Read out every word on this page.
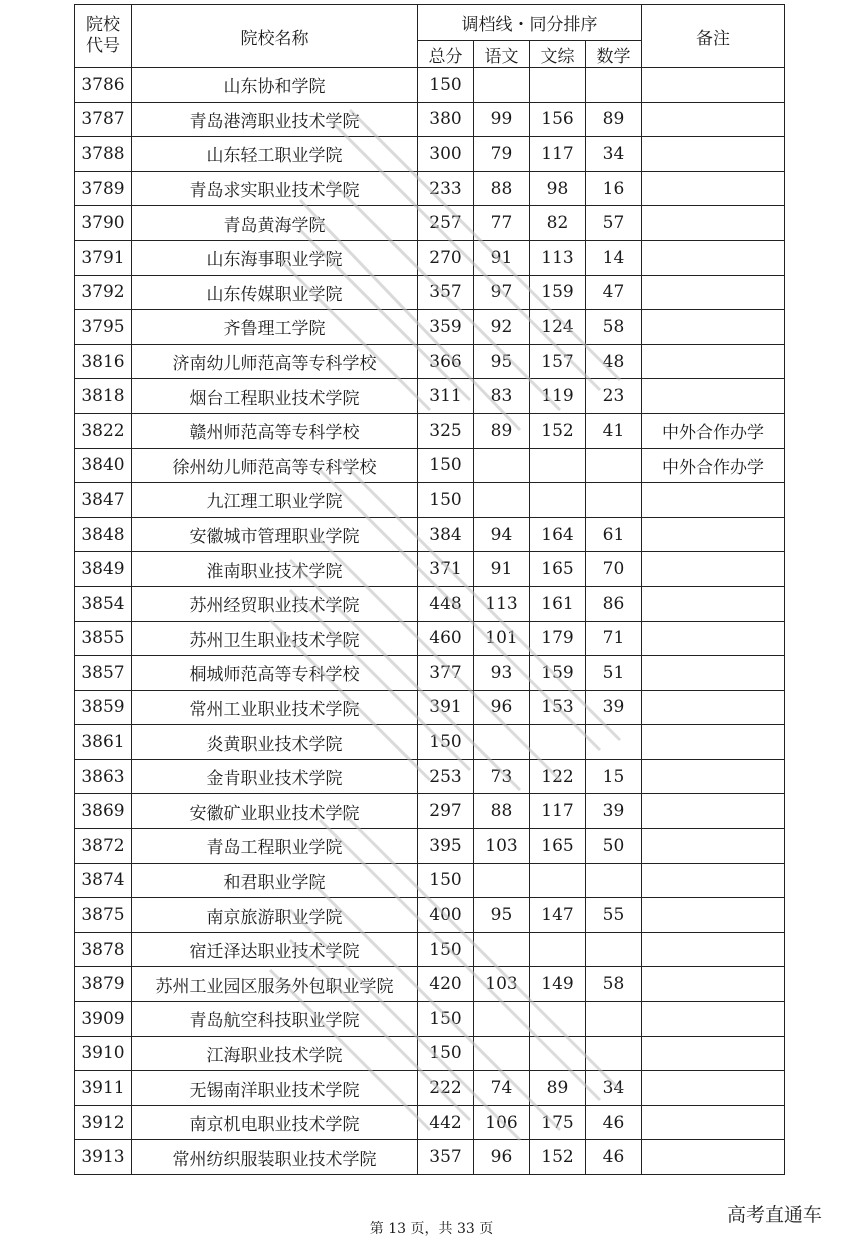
院校
代号	院校名称	调档线・同分排序				备注
		总分	语文	文综	数学	
3786	山东协和学院	150				
3787	青岛港湾职业技术学院	380	99	156	89	
3788	山东轻工职业学院	300	79	117	34	
3789	青岛求实职业技术学院	233	88	98	16	
3790	青岛黄海学院	257	77	82	57	
3791	山东海事职业学院	270	91	113	14	
3792	山东传媒职业学院	357	97	159	47	
3795	齐鲁理工学院	359	92	124	58	
3816	济南幼儿师范高等专科学校	366	95	157	48	
3818	烟台工程职业技术学院	311	83	119	23	
3822	赣州师范高等专科学校	325	89	152	41	中外合作办学
3840	徐州幼儿师范高等专科学校	150				中外合作办学
3847	九江理工职业学院	150				
3848	安徽城市管理职业学院	384	94	164	61	
3849	淮南职业技术学院	371	91	165	70	
3854	苏州经贸职业技术学院	448	113	161	86	
3855	苏州卫生职业技术学院	460	101	179	71	
3857	桐城师范高等专科学校	377	93	159	51	
3859	常州工业职业技术学院	391	96	153	39	
3861	炎黄职业技术学院	150				
3863	金肯职业技术学院	253	73	122	15	
3869	安徽矿业职业技术学院	297	88	117	39	
3872	青岛工程职业学院	395	103	165	50	
3874	和君职业学院	150				
3875	南京旅游职业学院	400	95	147	55	
3878	宿迁泽达职业技术学院	150				
3879	苏州工业园区服务外包职业学院	420	103	149	58	
3909	青岛航空科技职业学院	150				
3910	江海职业技术学院	150				
3911	无锡南洋职业技术学院	222	74	89	34	
3912	南京机电职业技术学院	442	106	175	46	
3913	常州纺织服装职业技术学院	357	96	152	46	
高考直通车
第 13 页，共 33 页
